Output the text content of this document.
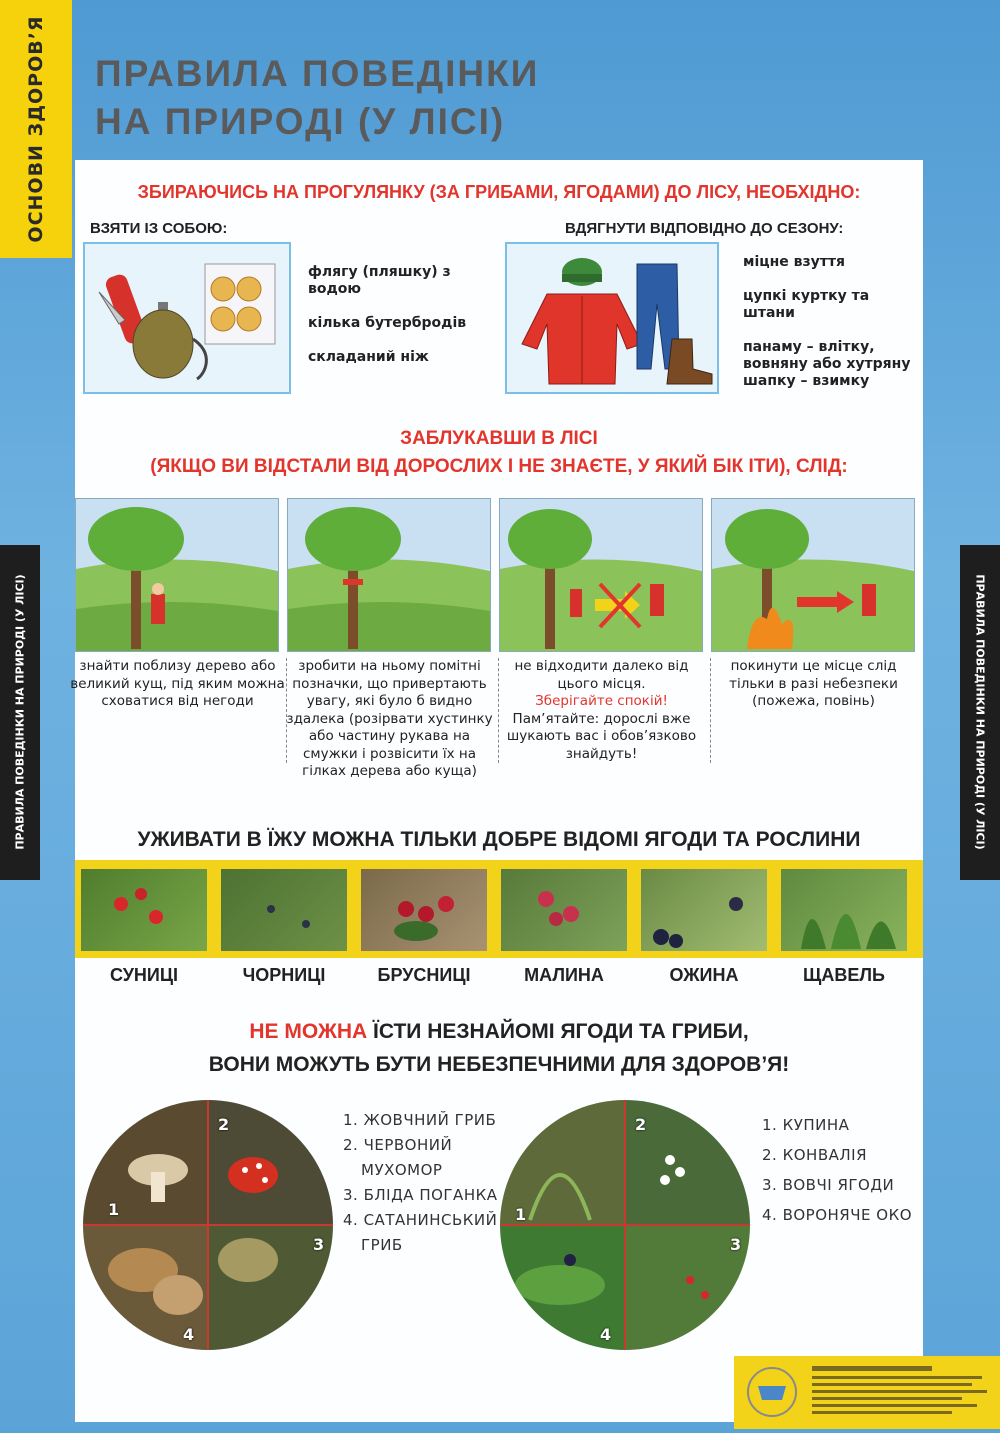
ОСНОВИ ЗДОРОВ’Я
ПРАВИЛА ПОВЕДІНКИ НА ПРИРОДІ (У ЛІСІ)	ПРАВИЛА ПОВЕДІНКИ НА ПРИРОДІ (У ЛІСІ)
ПРАВИЛА ПОВЕДІНКИ
НА ПРИРОДІ (У ЛІСІ)
ЗБИРАЮЧИСЬ НА ПРОГУЛЯНКУ (ЗА ГРИБАМИ, ЯГОДАМИ) ДО ЛІСУ, НЕОБХІДНО:
ВЗЯТИ ІЗ СОБОЮ:	ВДЯГНУТИ ВІДПОВІДНО ДО СЕЗОНУ:
флягу (пляшку) з водою
кілька бутербродів
складаний ніж
міцне взуття
цупкі куртку та штани
панаму – влітку, вовняну або хутряну шапку – взимку
ЗАБЛУКАВШИ В ЛІСІ
(ЯКЩО ВИ ВІДСТАЛИ ВІД ДОРОСЛИХ І НЕ ЗНАЄТЕ, У ЯКИЙ БІК ІТИ), СЛІД:
знайти поблизу дерево або великий кущ, під яким можна сховатися від негоди
зробити на ньому помітні позначки, що привертають увагу, які було б видно здалека (розірвати хустинку або частину рукава на смужки і розвісити їх на гілках дерева або куща)
не відходити далеко від цього місця.
Зберігайте спокій!
Пам’ятайте: дорослі вже шукають вас і обов’язково знайдуть!
покинути це місце слід тільки в разі небезпеки (пожежа, повінь)
УЖИВАТИ В ЇЖУ МОЖНА ТІЛЬКИ ДОБРЕ ВІДОМІ ЯГОДИ ТА РОСЛИНИ
СУНИЦІ	ЧОРНИЦІ	БРУСНИЦІ	МАЛИНА	ОЖИНА	ЩАВЕЛЬ
НЕ МОЖНА ЇСТИ НЕЗНАЙОМІ ЯГОДИ ТА ГРИБИ,
ВОНИ МОЖУТЬ БУТИ НЕБЕЗПЕЧНИМИ ДЛЯ ЗДОРОВ’Я!
1
2
3
4
1. ЖОВЧНИЙ ГРИБ
2. ЧЕРВОНИЙ
МУХОМОР
3. БЛІДА ПОГАНКА
4. САТАНИНСЬКИЙ
ГРИБ
1
2
3
4
1. КУПИНА
2. КОНВАЛІЯ
3. ВОВЧІ ЯГОДИ
4. ВОРОНЯЧЕ ОКО
